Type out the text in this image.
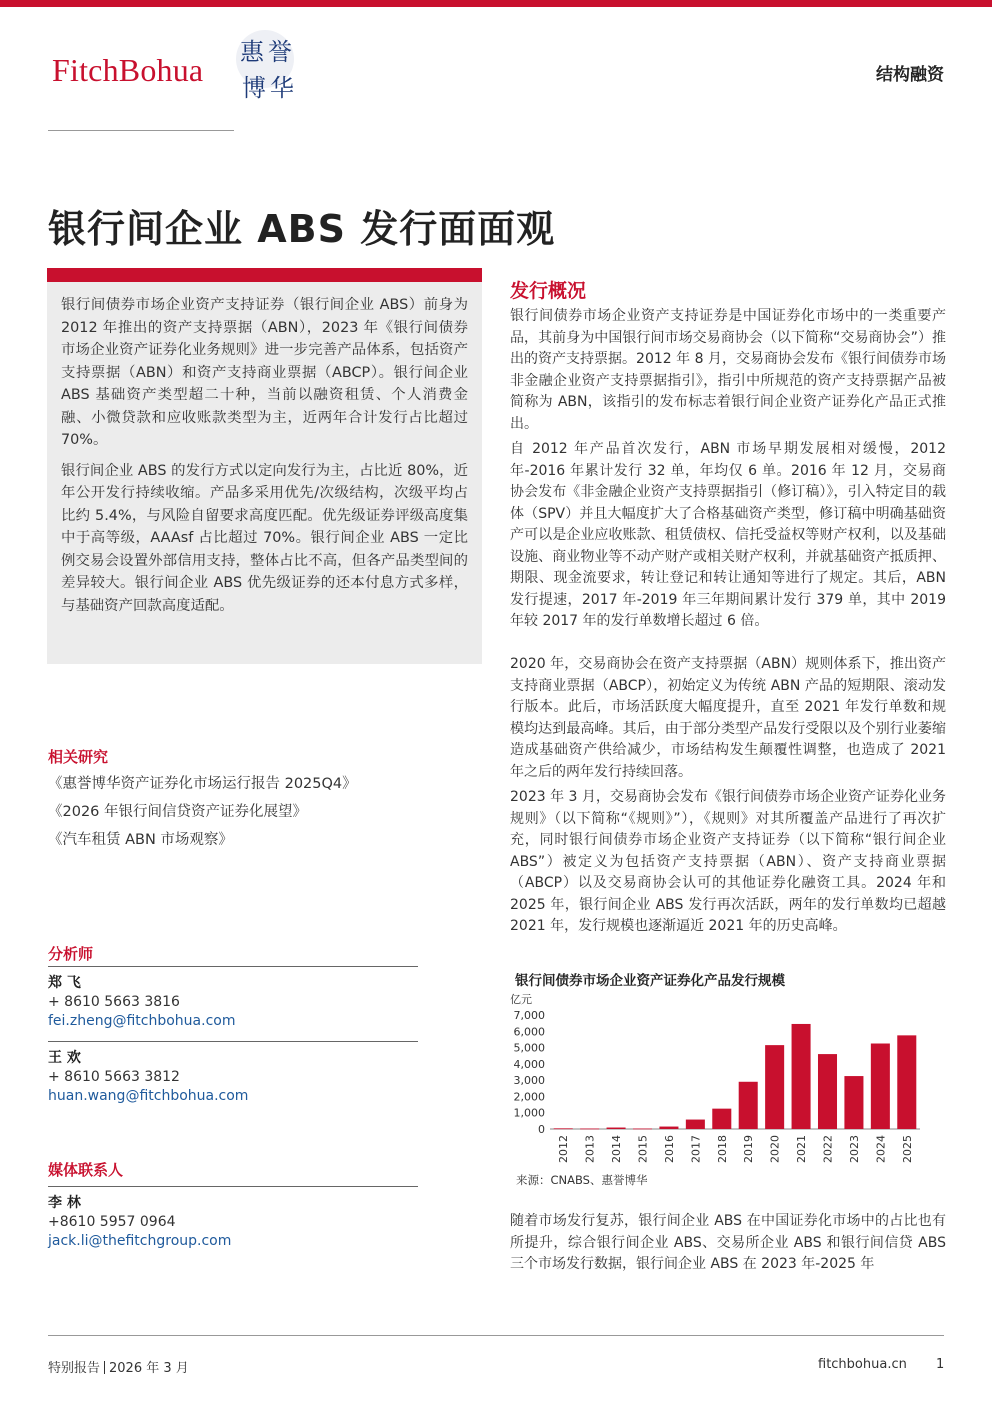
FitchBohua 惠 誉
博 华	结构融资
银行间企业 ABS 发行面面观

银行间债券市场企业资产支持证券（银行间企业 ABS）前身为 2012 年推出的资产支持票据（ABN），2023 年《银行间债券市场企业资产证券化业务规则》进一步完善产品体系，包括资产支持票据（ABN）和资产支持商业票据（ABCP）。银行间企业 ABS 基础资产类型超二十种，当前以融资租赁、个人消费金融、小微贷款和应收账款类型为主，近两年合计发行占比超过 70%。

银行间企业 ABS 的发行方式以定向发行为主，占比近 80%，近年公开发行持续收缩。产品多采用优先/次级结构，次级平均占比约 5.4%，与风险自留要求高度匹配。优先级证券评级高度集中于高等级，AAAsf 占比超过 70%。银行间企业 ABS 一定比例交易会设置外部信用支持，整体占比不高，但各产品类型间的差异较大。银行间企业 ABS 优先级证券的还本付息方式多样，与基础资产回款高度适配。

相关研究
《惠誉博华资产证券化市场运行报告 2025Q4》
《2026 年银行间信贷资产证券化展望》
《汽车租赁 ABN 市场观察》
分析师
郑 飞
+ 8610 5663 3816
fei.zheng@fitchbohua.com
王 欢
+ 8610 5663 3812
huan.wang@fitchbohua.com
媒体联系人
李 林
+8610 5957 0964
jack.li@thefitchgroup.com
发行概况

银行间债券市场企业资产支持证券是中国证券化市场中的一类重要产品，其前身为中国银行间市场交易商协会（以下简称“交易商协会”）推出的资产支持票据。2012 年 8 月，交易商协会发布《银行间债券市场非金融企业资产支持票据指引》，指引中所规范的资产支持票据产品被简称为 ABN，该指引的发布标志着银行间企业资产证券化产品正式推出。

自 2012 年产品首次发行，ABN 市场早期发展相对缓慢，2012 年-2016 年累计发行 32 单，年均仅 6 单。2016 年 12 月，交易商协会发布《非金融企业资产支持票据指引（修订稿）》，引入特定目的载体（SPV）并且大幅度扩大了合格基础资产类型，修订稿中明确基础资产可以是企业应收账款、租赁债权、信托受益权等财产权利，以及基础设施、商业物业等不动产财产或相关财产权利，并就基础资产抵质押、期限、现金流要求，转让登记和转让通知等进行了规定。其后，ABN 发行提速，2017 年-2019 年三年期间累计发行 379 单，其中 2019 年较 2017 年的发行单数增长超过 6 倍。

2020 年，交易商协会在资产支持票据（ABN）规则体系下，推出资产支持商业票据（ABCP），初始定义为传统 ABN 产品的短期限、滚动发行版本。此后，市场活跃度大幅度提升，直至 2021 年发行单数和规模均达到最高峰。其后，由于部分类型产品发行受限以及个别行业萎缩造成基础资产供给减少，市场结构发生颠覆性调整，也造成了 2021 年之后的两年发行持续回落。

2023 年 3 月，交易商协会发布《银行间债券市场企业资产证券化业务规则》（以下简称“《规则》”），《规则》对其所覆盖产品进行了再次扩充，同时银行间债券市场企业资产支持证券（以下简称“银行间企业 ABS”）被定义为包括资产支持票据（ABN）、资产支持商业票据（ABCP）以及交易商协会认可的其他证券化融资工具。2024 年和 2025 年，银行间企业 ABS 发行再次活跃，两年的发行单数均已超越 2021 年，发行规模也逐渐逼近 2021 年的历史高峰。

随着市场发行复苏，银行间企业 ABS 在中国证券化市场中的占比也有所提升，综合银行间企业 ABS、交易所企业 ABS 和银行间信贷 ABS 三个市场发行数据，银行间企业 ABS 在 2023 年-2025 年

银行间债券市场企业资产证券化产品发行规模
亿元
0
1,000
2,000
3,000
4,000
5,000
6,000
7,000
2012 2013 2014 2015 2016 2017 2018 2019 2020 2021 2022 2023 2024 2025
来源：CNABS、惠誉博华
特别报告 2026 年 3 月	fitchbohua.cn 1
